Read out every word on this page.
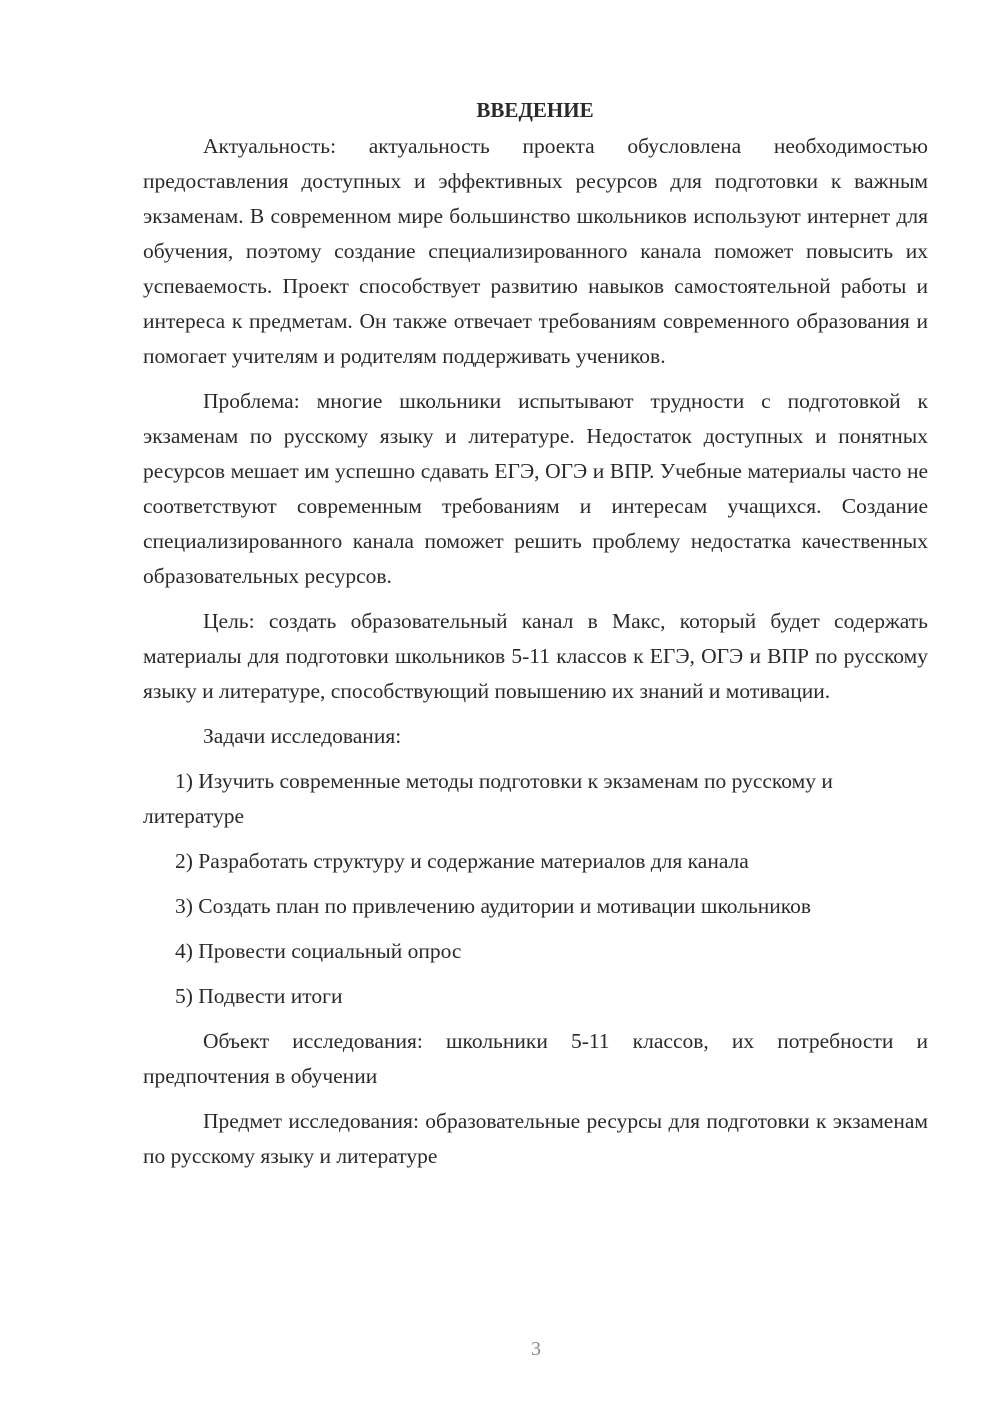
ВВЕДЕНИЕ

Актуальность: актуальность проекта обусловлена необходимостью предоставления доступных и эффективных ресурсов для подготовки к важным экзаменам. В современном мире большинство школьников используют интернет для обучения, поэтому создание специализированного канала поможет повысить их успеваемость. Проект способствует развитию навыков самостоятельной работы и интереса к предметам. Он также отвечает требованиям современного образования и помогает учителям и родителям поддерживать учеников.

Проблема: многие школьники испытывают трудности с подготовкой к экзаменам по русскому языку и литературе. Недостаток доступных и понятных ресурсов мешает им успешно сдавать ЕГЭ, ОГЭ и ВПР. Учебные материалы часто не соответствуют современным требованиям и интересам учащихся. Создание специализированного канала поможет решить проблему недостатка качественных образовательных ресурсов.

Цель: создать образовательный канал в Макс, который будет содержать материалы для подготовки школьников 5-11 классов к ЕГЭ, ОГЭ и ВПР по русскому языку и литературе, способствующий повышению их знаний и мотивации.

Задачи исследования:

1) Изучить современные методы подготовки к экзаменам по русскому и литературе

2) Разработать структуру и содержание материалов для канала

3) Создать план по привлечению аудитории и мотивации школьников

4) Провести социальный опрос

5) Подвести итоги

Объект исследования: школьники 5-11 классов, их потребности и предпочтения в обучении

Предмет исследования: образовательные ресурсы для подготовки к экзаменам по русскому языку и литературе

3
